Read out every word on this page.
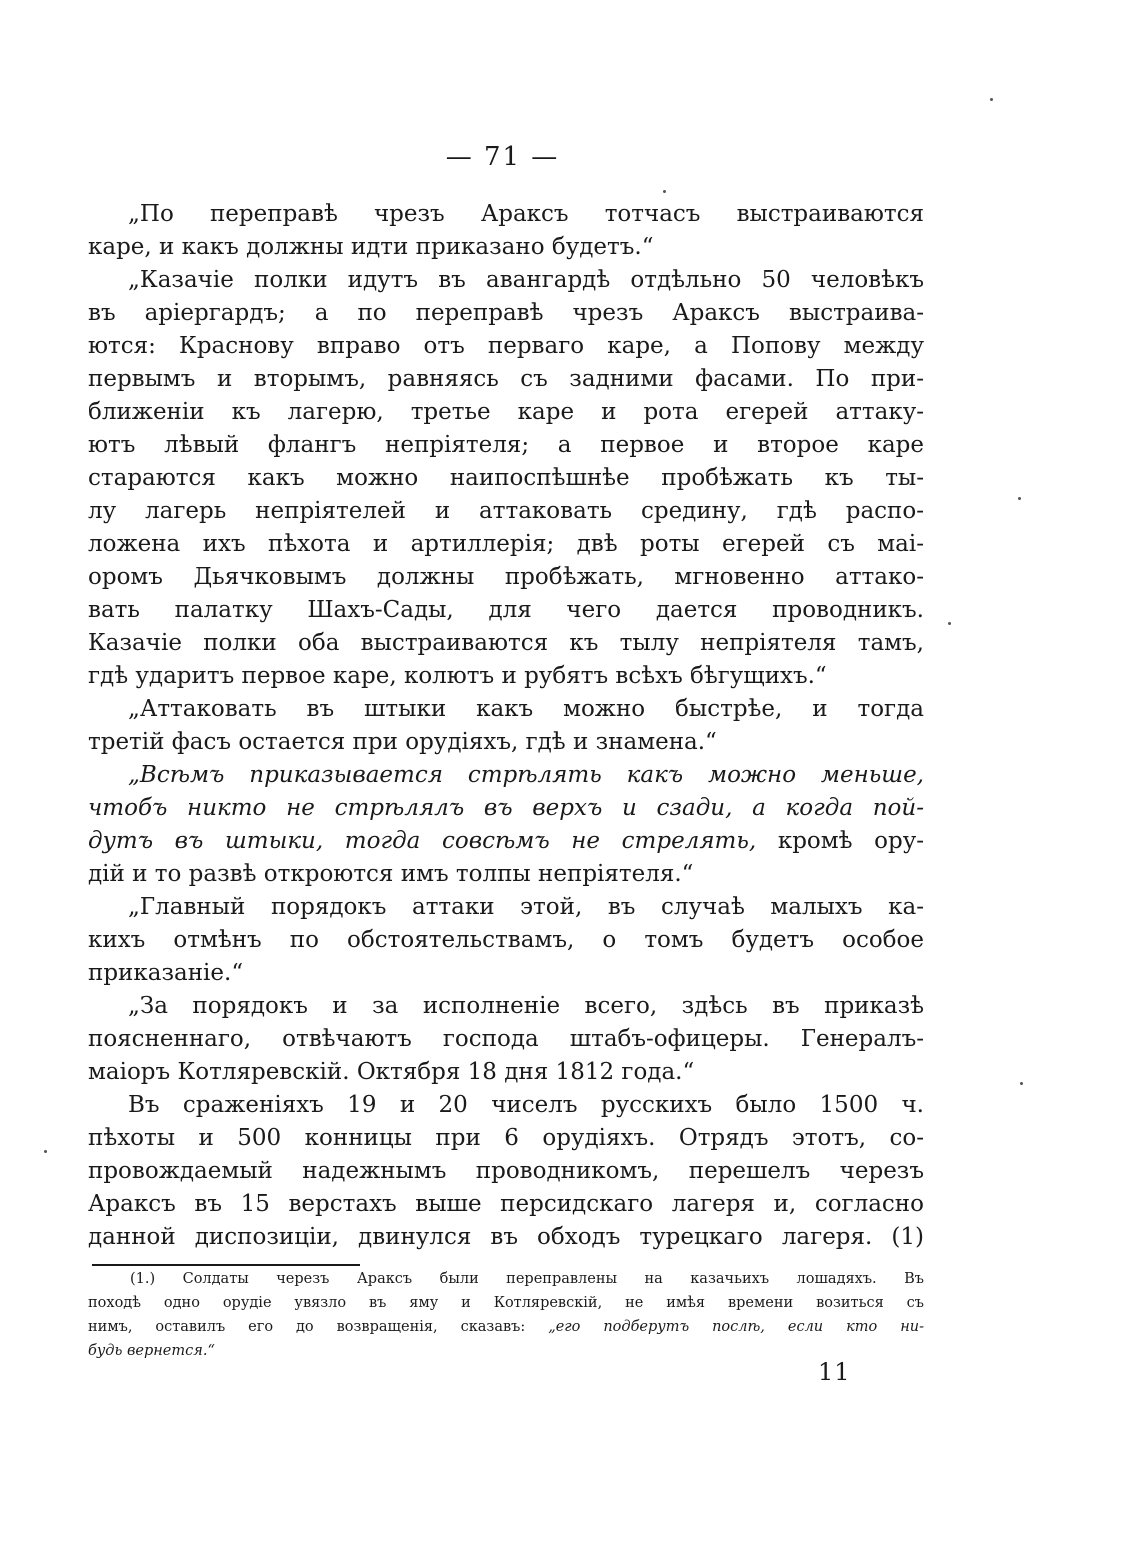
— 71 —
„По переправѣ чрезъ Араксъ тотчасъ выстраиваются
каре, и какъ должны идти приказано будетъ.“
„Казачіе полки идутъ въ авангардѣ отдѣльно 50 человѣкъ
въ аріергардъ; а по переправѣ чрезъ Араксъ выстраива-
ются: Краснову вправо отъ перваго каре, а Попову между
первымъ и вторымъ, равняясь съ задними фасами. По при-
ближеніи къ лагерю, третье каре и рота егерей аттаку-
ютъ лѣвый флангъ непріятеля; а первое и второе каре
стараются какъ можно наипоспѣшнѣе пробѣжать къ ты-
лу лагерь непріятелей и аттаковать средину, гдѣ распо-
ложена ихъ пѣхота и артиллерія; двѣ роты егерей съ маі-
оромъ Дьячковымъ должны пробѣжать, мгновенно аттако-
вать палатку Шахъ-Сады, для чего дается проводникъ.
Казачіе полки оба выстраиваются къ тылу непріятеля тамъ,
гдѣ ударитъ первое каре, колютъ и рубятъ всѣхъ бѣгущихъ.“
„Аттаковать въ штыки какъ можно быстрѣе, и тогда
третій фасъ остается при орудіяхъ, гдѣ и знамена.“
„Всѣмъ приказывается стрѣлять какъ можно меньше,
чтобъ никто не стрѣлялъ въ верхъ и сзади, а когда пой-
дутъ въ штыки, тогда совсѣмъ не стрелять, кромѣ ору-
дій и то развѣ откроются имъ толпы непріятеля.“
„Главный порядокъ аттаки этой, въ случаѣ малыхъ ка-
кихъ отмѣнъ по обстоятельствамъ, о томъ будетъ особое
приказаніе.“
„За порядокъ и за исполненіе всего, здѣсь въ приказѣ
поясненнаго, отвѣчаютъ господа штабъ-офицеры. Генералъ-
маіоръ Котляревскій. Октября 18 дня 1812 года.“
Въ сраженіяхъ 19 и 20 чиселъ русскихъ было 1500 ч.
пѣхоты и 500 конницы при 6 орудіяхъ. Отрядъ этотъ, со-
провождаемый надежнымъ проводникомъ, перешелъ черезъ
Араксъ въ 15 верстахъ выше персидскаго лагеря и, согласно
данной диспозиціи, двинулся въ обходъ турецкаго лагеря. (1)
(1.) Солдаты черезъ Араксъ были переправлены на казачьихъ лошадяхъ. Въ
походѣ одно орудіе увязло въ яму и Котляревскій, не имѣя времени возиться съ
нимъ, оставилъ его до возвращенія, сказавъ: „его подберутъ послѣ, если кто ни-
будь вернется.“
11
